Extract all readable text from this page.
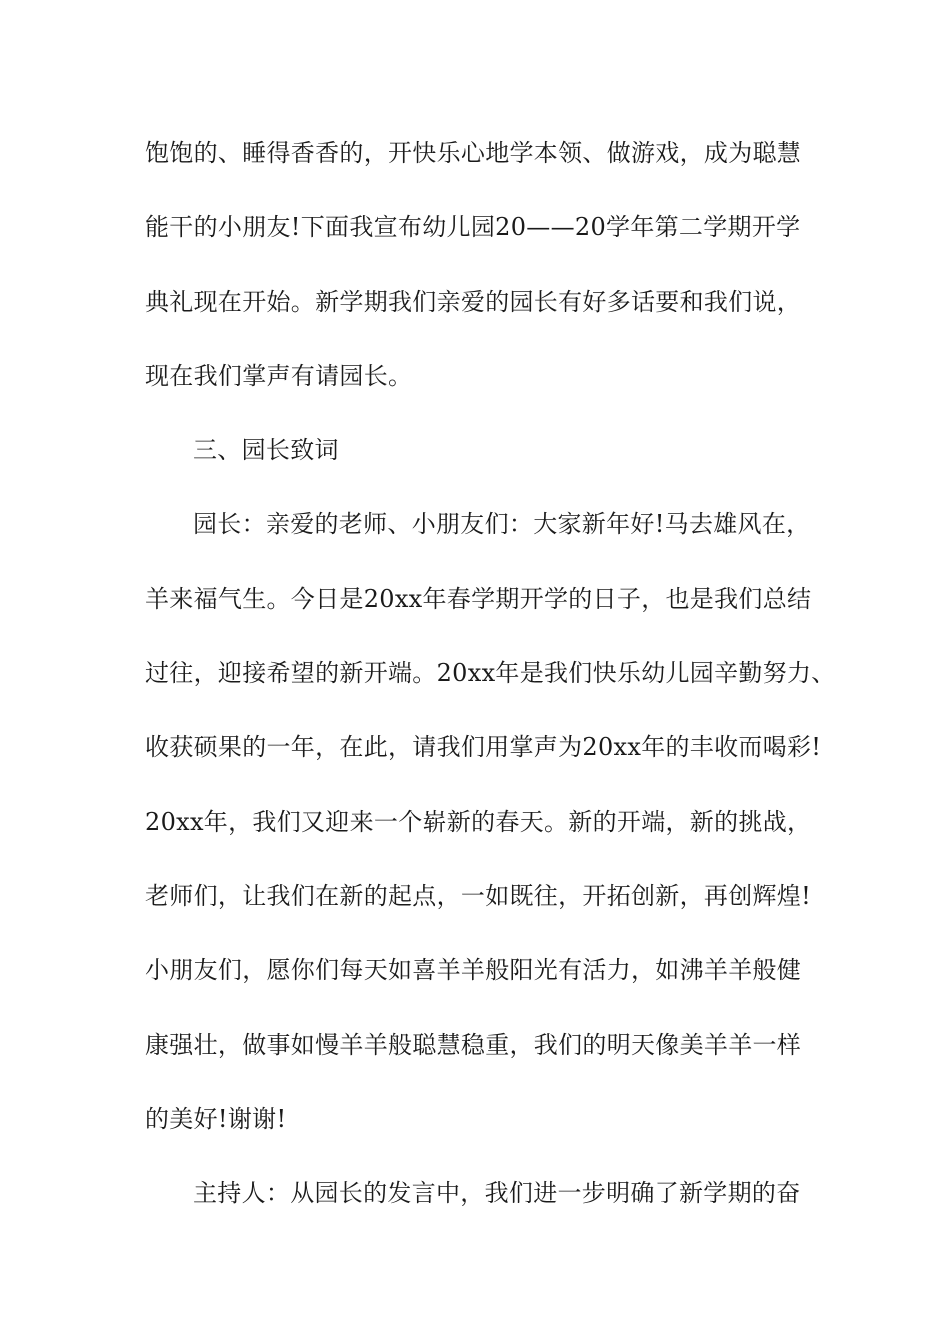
饱饱的、睡得香香的，开快乐心地学本领、做游戏，成为聪慧
能干的小朋友!下面我宣布幼儿园20——20学年第二学期开学
典礼现在开始。新学期我们亲爱的园长有好多话要和我们说，
现在我们掌声有请园长。
三、园长致词
园长：亲爱的老师、小朋友们：大家新年好!马去雄风在，
羊来福气生。今日是20xx年春学期开学的日子，也是我们总结
过往，迎接希望的新开端。20xx年是我们快乐幼儿园辛勤努力、
收获硕果的一年，在此，请我们用掌声为20xx年的丰收而喝彩!
20xx年，我们又迎来一个崭新的春天。新的开端，新的挑战，
老师们，让我们在新的起点，一如既往，开拓创新，再创辉煌!
小朋友们，愿你们每天如喜羊羊般阳光有活力，如沸羊羊般健
康强壮，做事如慢羊羊般聪慧稳重，我们的明天像美羊羊一样
的美好!谢谢!
主持人：从园长的发言中，我们进一步明确了新学期的奋
